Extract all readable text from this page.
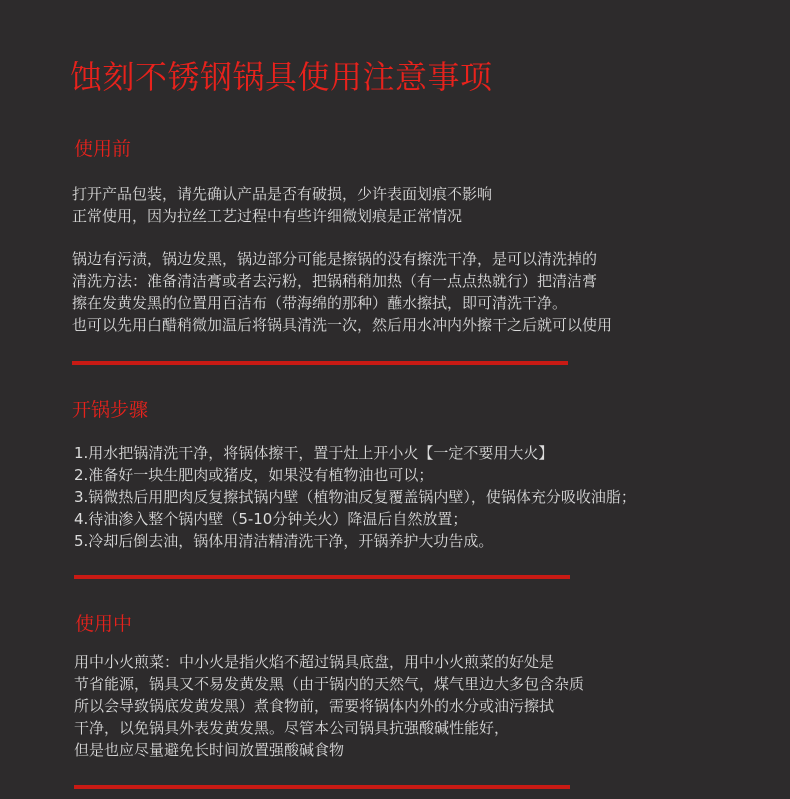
蚀刻不锈钢锅具使用注意事项
使用前
打开产品包装，请先确认产品是否有破损，少许表面划痕不影响
正常使用，因为拉丝工艺过程中有些许细微划痕是正常情况
锅边有污渍，锅边发黑，锅边部分可能是擦锅的没有擦洗干净，是可以清洗掉的
清洗方法：准备清洁膏或者去污粉，把锅稍稍加热（有一点点热就行）把清洁膏
擦在发黄发黑的位置用百洁布（带海绵的那种）蘸水擦拭，即可清洗干净。
也可以先用白醋稍微加温后将锅具清洗一次，然后用水冲内外擦干之后就可以使用
开锅步骤
1.用水把锅清洗干净，将锅体擦干，置于灶上开小火【一定不要用大火】
2.准备好一块生肥肉或猪皮，如果没有植物油也可以；
3.锅微热后用肥肉反复擦拭锅内壁（植物油反复覆盖锅内壁），使锅体充分吸收油脂；
4.待油渗入整个锅内壁（5-10分钟关火）降温后自然放置；
5.冷却后倒去油，锅体用清洁精清洗干净，开锅养护大功告成。
使用中
用中小火煎菜：中小火是指火焰不超过锅具底盘，用中小火煎菜的好处是
节省能源，锅具又不易发黄发黑（由于锅内的天然气，煤气里边大多包含杂质
所以会导致锅底发黄发黑）煮食物前，需要将锅体内外的水分或油污擦拭
干净，以免锅具外表发黄发黑。尽管本公司锅具抗强酸碱性能好，
但是也应尽量避免长时间放置强酸碱食物
